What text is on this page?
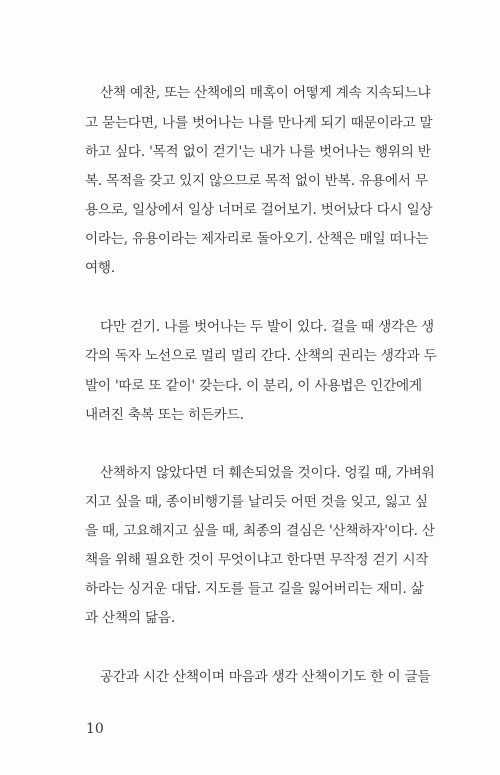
산책 예찬, 또는 산책에의 매혹이 어떻게 계속 지속되느냐
고 묻는다면, 나를 벗어나는 나를 만나게 되기 때문이라고 말
하고 싶다. '목적 없이 걷기'는 내가 나를 벗어나는 행위의 반
복. 목적을 갖고 있지 않으므로 목적 없이 반복. 유용에서 무
용으로, 일상에서 일상 너머로 걸어보기. 벗어났다 다시 일상
이라는, 유용이라는 제자리로 돌아오기. 산책은 매일 떠나는
여행.
다만 걷기. 나를 벗어나는 두 발이 있다. 걸을 때 생각은 생
각의 독자 노선으로 멀리 멀리 간다. 산책의 권리는 생각과 두
발이 '따로 또 같이' 갖는다. 이 분리, 이 사용법은 인간에게
내려진 축복 또는 히든카드.
산책하지 않았다면 더 훼손되었을 것이다. 엉킬 때, 가벼워
지고 싶을 때, 종이비행기를 날리듯 어떤 것을 잊고, 잃고 싶
을 때, 고요해지고 싶을 때, 최종의 결심은 '산책하자'이다. 산
책을 위해 필요한 것이 무엇이냐고 한다면 무작정 걷기 시작
하라는 싱거운 대답. 지도를 들고 길을 잃어버리는 재미. 삶
과 산책의 닮음.
공간과 시간 산책이며 마음과 생각 산책이기도 한 이 글들
10
